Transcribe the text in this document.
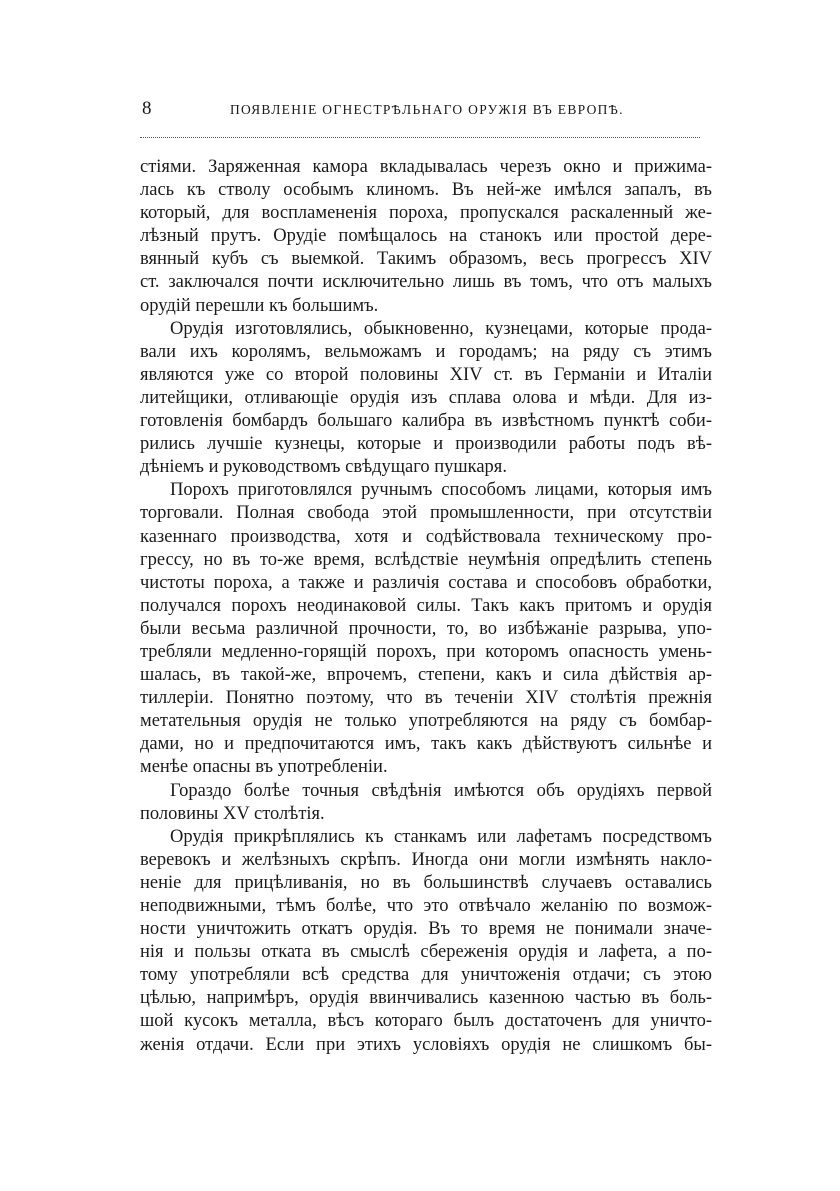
8	ПОЯВЛЕНІЕ ОГНЕСТРѢЛЬНАГО ОРУЖІЯ ВЪ ЕВРОПѢ.
стіями. Заряженная камора вкладывалась черезъ окно и прижима-
лась къ стволу особымъ клиномъ. Въ ней-же имѣлся запалъ, въ
который, для воспламененія пороха, пропускался раскаленный же-
лѣзный прутъ. Орудіе помѣщалось на станокъ или простой дере-
вянный кубъ съ выемкой. Такимъ образомъ, весь прогрессъ XIV
ст. заключался почти исключительно лишь въ томъ, что отъ малыхъ
орудій перешли къ большимъ.
Орудія изготовлялись, обыкновенно, кузнецами, которые прода-
вали ихъ королямъ, вельможамъ и городамъ; на ряду съ этимъ
являются уже со второй половины XIV ст. въ Германіи и Италіи
литейщики, отливающіе орудія изъ сплава олова и мѣди. Для из-
готовленія бомбардъ большаго калибра въ извѣстномъ пунктѣ соби-
рились лучшіе кузнецы, которые и производили работы подъ вѣ-
дѣніемъ и руководствомъ свѣдущаго пушкаря.
Порохъ приготовлялся ручнымъ способомъ лицами, которыя имъ
торговали. Полная свобода этой промышленности, при отсутствіи
казеннаго производства, хотя и содѣйствовала техническому про-
грессу, но въ то-же время, вслѣдствіе неумѣнія опредѣлить степень
чистоты пороха, а также и различія состава и способовъ обработки,
получался порохъ неодинаковой силы. Такъ какъ притомъ и орудія
были весьма различной прочности, то, во избѣжаніе разрыва, упо-
требляли медленно-горящій порохъ, при которомъ опасность умень-
шалась, въ такой-же, впрочемъ, степени, какъ и сила дѣйствія ар-
тиллеріи. Понятно поэтому, что въ теченіи XIV столѣтія прежнія
метательныя орудія не только употребляются на ряду съ бомбар-
дами, но и предпочитаются имъ, такъ какъ дѣйствуютъ сильнѣе и
менѣе опасны въ употребленіи.
Гораздо болѣе точныя свѣдѣнія имѣются объ орудіяхъ первой
половины XV столѣтія.
Орудія прикрѣплялись къ станкамъ или лафетамъ посредствомъ
веревокъ и желѣзныхъ скрѣпъ. Иногда они могли измѣнять накло-
неніе для прицѣливанія, но въ большинствѣ случаевъ оставались
неподвижными, тѣмъ болѣе, что это отвѣчало желанію по возмож-
ности уничтожить откатъ орудія. Въ то время не понимали значе-
нія и пользы отката въ смыслѣ сбереженія орудія и лафета, а по-
тому употребляли всѣ средства для уничтоженія отдачи; съ этою
цѣлью, напримѣръ, орудія ввинчивались казенною частью въ боль-
шой кусокъ металла, вѣсъ котораго былъ достаточенъ для уничто-
женія отдачи. Если при этихъ условіяхъ орудія не слишкомъ бы-
